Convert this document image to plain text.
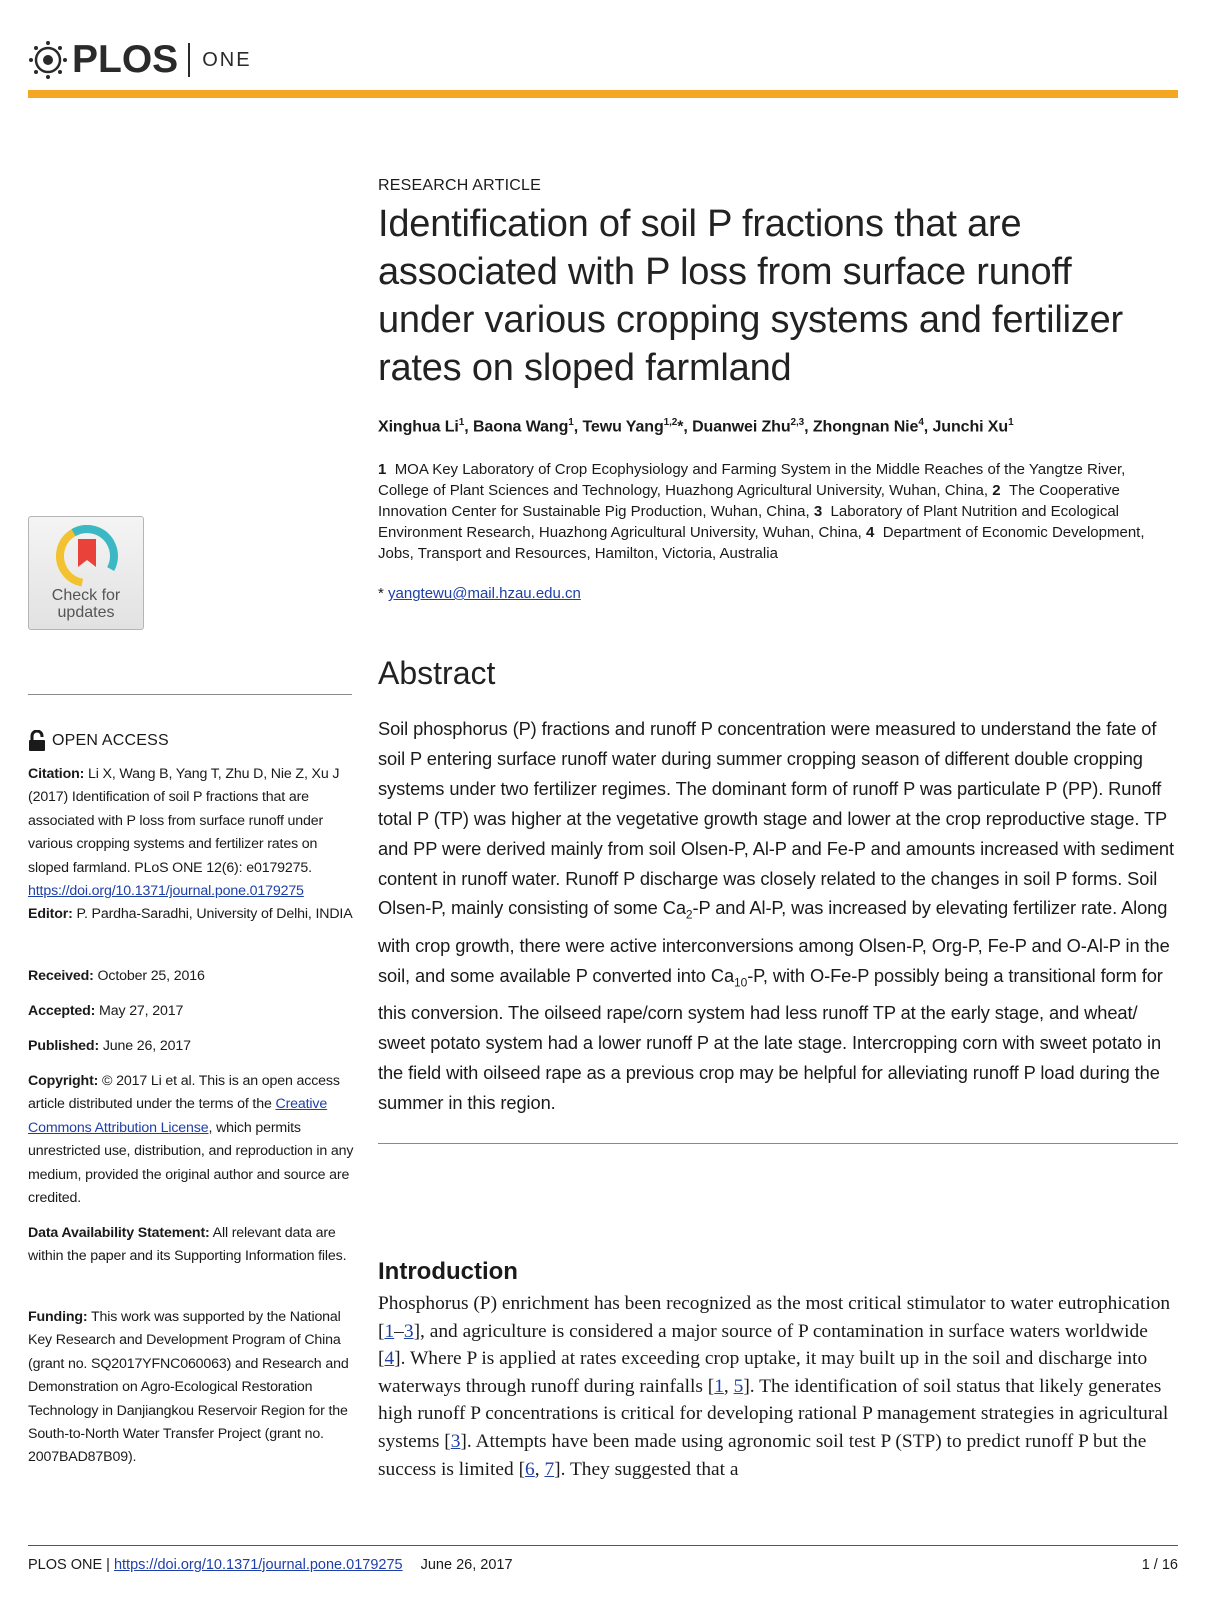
PLOS ONE
Check for
updates
OPEN ACCESS
Citation: Li X, Wang B, Yang T, Zhu D, Nie Z, Xu J (2017) Identification of soil P fractions that are associated with P loss from surface runoff under various cropping systems and fertilizer rates on sloped farmland. PLoS ONE 12(6): e0179275. https://doi.org/10.1371/journal.pone.0179275
Editor: P. Pardha-Saradhi, University of Delhi, INDIA
Received: October 25, 2016
Accepted: May 27, 2017
Published: June 26, 2017
Copyright: © 2017 Li et al. This is an open access article distributed under the terms of the Creative Commons Attribution License, which permits unrestricted use, distribution, and reproduction in any medium, provided the original author and source are credited.
Data Availability Statement: All relevant data are within the paper and its Supporting Information files.
Funding: This work was supported by the National Key Research and Development Program of China (grant no. SQ2017YFNC060063) and Research and Demonstration on Agro-Ecological Restoration Technology in Danjiangkou Reservoir Region for the South-to-North Water Transfer Project (grant no. 2007BAD87B09).
RESEARCH ARTICLE
Identification of soil P fractions that are associated with P loss from surface runoff under various cropping systems and fertilizer rates on sloped farmland
Xinghua Li$^1$, Baona Wang$^1$, Tewu Yang$^{1,2}$*, Duanwei Zhu$^{2,3}$, Zhongnan Nie$^4$, Junchi Xu$^1$
1 MOA Key Laboratory of Crop Ecophysiology and Farming System in the Middle Reaches of the Yangtze River, College of Plant Sciences and Technology, Huazhong Agricultural University, Wuhan, China, 2 The Cooperative Innovation Center for Sustainable Pig Production, Wuhan, China, 3 Laboratory of Plant Nutrition and Ecological Environment Research, Huazhong Agricultural University, Wuhan, China, 4 Department of Economic Development, Jobs, Transport and Resources, Hamilton, Victoria, Australia
* yangtewu@mail.hzau.edu.cn
Abstract
Soil phosphorus (P) fractions and runoff P concentration were measured to understand the fate of soil P entering surface runoff water during summer cropping season of different double cropping systems under two fertilizer regimes. The dominant form of runoff P was particulate P (PP). Runoff total P (TP) was higher at the vegetative growth stage and lower at the crop reproductive stage. TP and PP were derived mainly from soil Olsen-P, Al-P and Fe-P and amounts increased with sediment content in runoff water. Runoff P discharge was closely related to the changes in soil P forms. Soil Olsen-P, mainly consisting of some $Ca_2-P$ and Al-P, was increased by elevating fertilizer rate. Along with crop growth, there were active interconversions among Olsen-P, Org-P, Fe-P and O-Al-P in the soil, and some available P converted into $Ca_{10}-P$, with O-Fe-P possibly being a transitional form for this conversion. The oilseed rape/corn system had less runoff TP at the early stage, and wheat/ sweet potato system had a lower runoff P at the late stage. Intercropping corn with sweet potato in the field with oilseed rape as a previous crop may be helpful for alleviating runoff P load during the summer in this region.
Introduction
Phosphorus (P) enrichment has been recognized as the most critical stimulator to water eutrophication [1–3], and agriculture is considered a major source of P contamination in surface waters worldwide [4]. Where P is applied at rates exceeding crop uptake, it may built up in the soil and discharge into waterways through runoff during rainfalls [1, 5]. The identification of soil status that likely generates high runoff P concentrations is critical for developing rational P management strategies in agricultural systems [3]. Attempts have been made using agronomic soil test P (STP) to predict runoff P but the success is limited [6, 7]. They suggested that a
PLOS ONE | https://doi.org/10.1371/journal.pone.0179275 June 26, 2017	1 / 16
